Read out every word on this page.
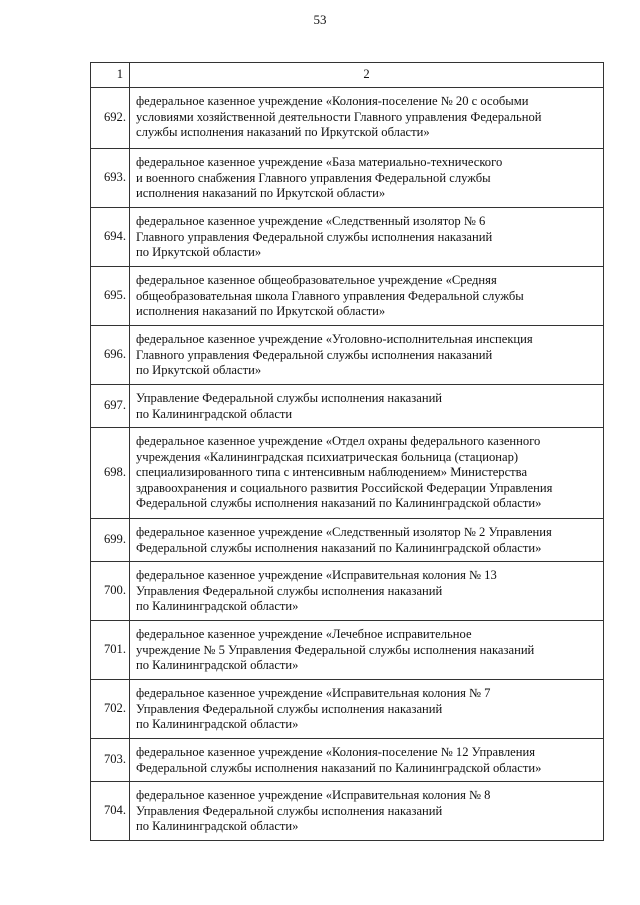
53
1	2
692.	федеральное казенное учреждение «Колония-поселение № 20 с особыми
условиями хозяйственной деятельности Главного управления Федеральной
службы исполнения наказаний по Иркутской области»

693.	федеральное казенное учреждение «База материально-технического
и военного снабжения Главного управления Федеральной службы
исполнения наказаний по Иркутской области»

694.	федеральное казенное учреждение «Следственный изолятор № 6
Главного управления Федеральной службы исполнения наказаний
по Иркутской области»

695.	федеральное казенное общеобразовательное учреждение «Средняя
общеобразовательная школа Главного управления Федеральной службы
исполнения наказаний по Иркутской области»

696.	федеральное казенное учреждение «Уголовно-исполнительная инспекция
Главного управления Федеральной службы исполнения наказаний
по Иркутской области»

697.	Управление Федеральной службы исполнения наказаний
по Калининградской области

698.	федеральное казенное учреждение «Отдел охраны федерального казенного
учреждения «Калининградская психиатрическая больница (стационар)
специализированного типа с интенсивным наблюдением» Министерства
здравоохранения и социального развития Российской Федерации Управления
Федеральной службы исполнения наказаний по Калининградской области»

699.	федеральное казенное учреждение «Следственный изолятор № 2 Управления
Федеральной службы исполнения наказаний по Калининградской области»

700.	федеральное казенное учреждение «Исправительная колония № 13
Управления Федеральной службы исполнения наказаний
по Калининградской области»

701.	федеральное казенное учреждение «Лечебное исправительное
учреждение № 5 Управления Федеральной службы исполнения наказаний
по Калининградской области»

702.	федеральное казенное учреждение «Исправительная колония № 7
Управления Федеральной службы исполнения наказаний
по Калининградской области»

703.	федеральное казенное учреждение «Колония-поселение № 12 Управления
Федеральной службы исполнения наказаний по Калининградской области»

704.	федеральное казенное учреждение «Исправительная колония № 8
Управления Федеральной службы исполнения наказаний
по Калининградской области»
